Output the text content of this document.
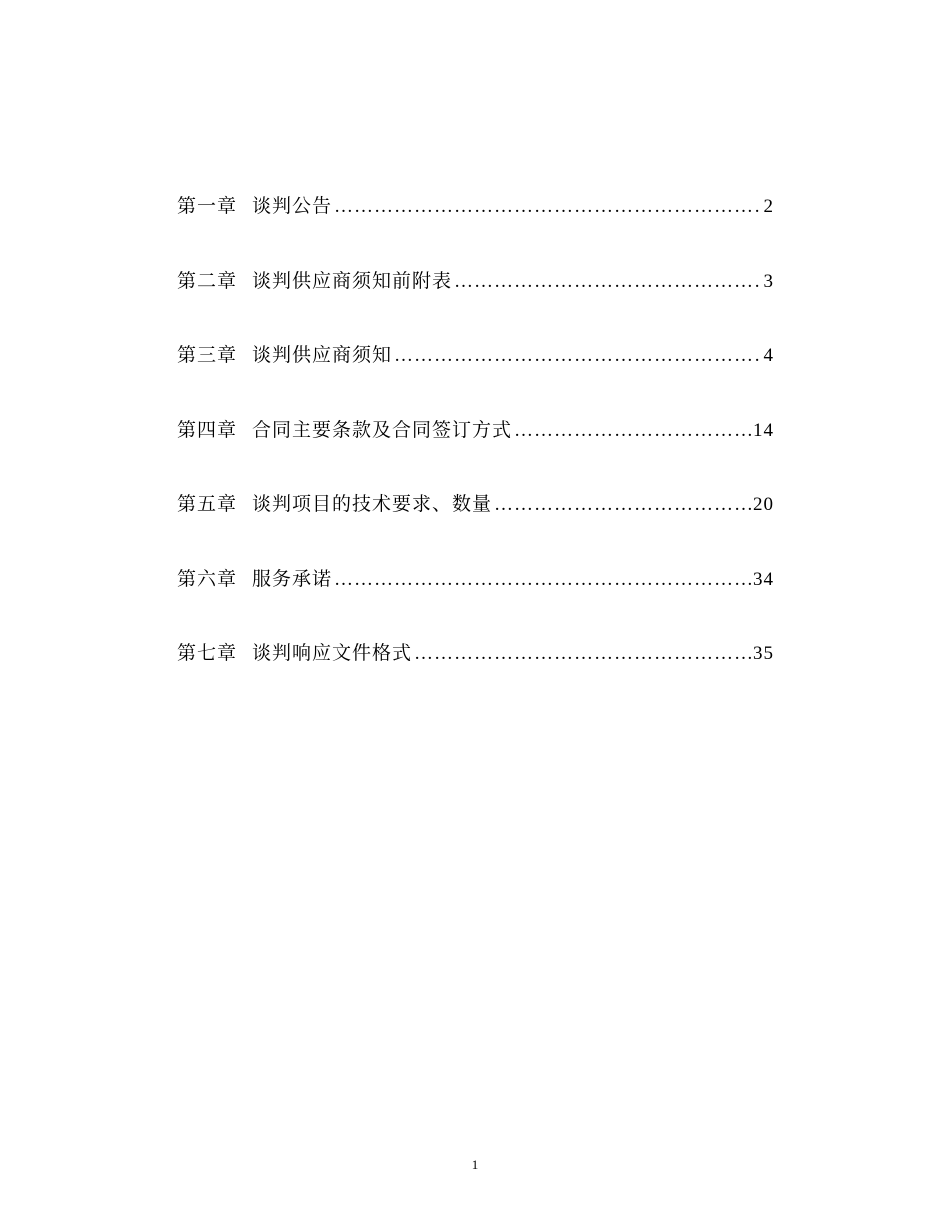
第一章 谈判公告 ……………………………………………………………………………………………………………………………………………………………………	2
第二章 谈判供应商须知前附表 ……………………………………………………………………………………………………………………………………………………………………	3
第三章 谈判供应商须知 ……………………………………………………………………………………………………………………………………………………………………	4
第四章 合同主要条款及合同签订方式 ……………………………………………………………………………………………………………………………………………………………………	14
第五章 谈判项目的技术要求、数量 ……………………………………………………………………………………………………………………………………………………………………	20
第六章 服务承诺 ……………………………………………………………………………………………………………………………………………………………………	34
第七章 谈判响应文件格式 ……………………………………………………………………………………………………………………………………………………………………	35
1
